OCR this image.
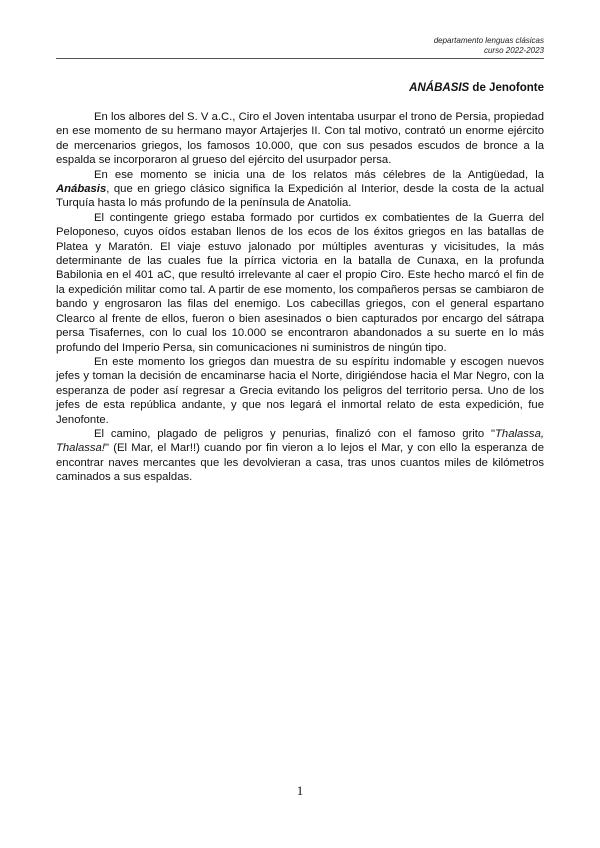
departamento lenguas clásicas
curso 2022-2023
ANÁBASIS de Jenofonte

En los albores del S. V a.C., Ciro el Joven intentaba usurpar el trono de Persia, propiedad en ese momento de su hermano mayor Artajerjes II. Con tal motivo, contrató un enorme ejército de mercenarios griegos, los famosos 10.000, que con sus pesados escudos de bronce a la espalda se incorporaron al grueso del ejército del usurpador persa.

En ese momento se inicia una de los relatos más célebres de la Antigüedad, la Anábasis, que en griego clásico significa la Expedición al Interior, desde la costa de la actual Turquía hasta lo más profundo de la península de Anatolia.

El contingente griego estaba formado por curtidos ex combatientes de la Guerra del Peloponeso, cuyos oídos estaban llenos de los ecos de los éxitos griegos en las batallas de Platea y Maratón. El viaje estuvo jalonado por múltiples aventuras y vicisitudes, la más determinante de las cuales fue la pírrica victoria en la batalla de Cunaxa, en la profunda Babilonia en el 401 aC, que resultó irrelevante al caer el propio Ciro. Este hecho marcó el fin de la expedición militar como tal. A partir de ese momento, los compañeros persas se cambiaron de bando y engrosaron las filas del enemigo. Los cabecillas griegos, con el general espartano Clearco al frente de ellos, fueron o bien asesinados o bien capturados por encargo del sátrapa persa Tisafernes, con lo cual los 10.000 se encontraron abandonados a su suerte en lo más profundo del Imperio Persa, sin comunicaciones ni suministros de ningún tipo.

En este momento los griegos dan muestra de su espíritu indomable y escogen nuevos jefes y toman la decisión de encaminarse hacia el Norte, dirigiéndose hacia el Mar Negro, con la esperanza de poder así regresar a Grecia evitando los peligros del territorio persa. Uno de los jefes de esta república andante, y que nos legará el inmortal relato de esta expedición, fue Jenofonte.

El camino, plagado de peligros y penurias, finalizó con el famoso grito "Thalassa, Thalassa!" (El Mar, el Mar!!) cuando por fin vieron a lo lejos el Mar, y con ello la esperanza de encontrar naves mercantes que les devolvieran a casa, tras unos cuantos miles de kilómetros caminados a sus espaldas.

1
